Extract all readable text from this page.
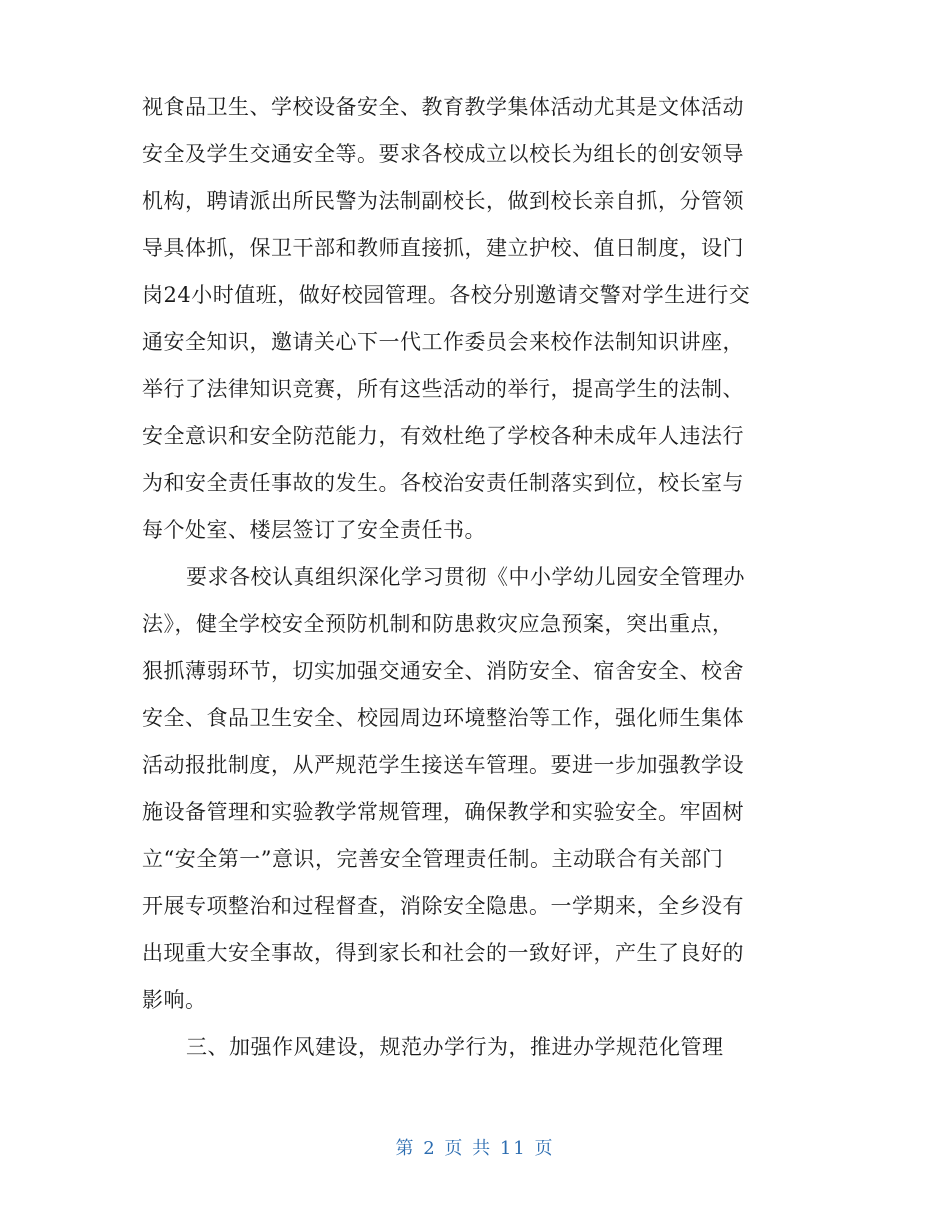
视食品卫生、学校设备安全、教育教学集体活动尤其是文体活动
安全及学生交通安全等。要求各校成立以校长为组长的创安领导
机构，聘请派出所民警为法制副校长，做到校长亲自抓，分管领
导具体抓，保卫干部和教师直接抓，建立护校、值日制度，设门
岗24小时值班，做好校园管理。各校分别邀请交警对学生进行交
通安全知识，邀请关心下一代工作委员会来校作法制知识讲座，
举行了法律知识竞赛，所有这些活动的举行，提高学生的法制、
安全意识和安全防范能力，有效杜绝了学校各种未成年人违法行
为和安全责任事故的发生。各校治安责任制落实到位，校长室与
每个处室、楼层签订了安全责任书。
要求各校认真组织深化学习贯彻《中小学幼儿园安全管理办
法》，健全学校安全预防机制和防患救灾应急预案，突出重点，
狠抓薄弱环节，切实加强交通安全、消防安全、宿舍安全、校舍
安全、食品卫生安全、校园周边环境整治等工作，强化师生集体
活动报批制度，从严规范学生接送车管理。要进一步加强教学设
施设备管理和实验教学常规管理，确保教学和实验安全。牢固树
立“安全第一”意识，完善安全管理责任制。主动联合有关部门
开展专项整治和过程督查，消除安全隐患。一学期来，全乡没有
出现重大安全事故，得到家长和社会的一致好评，产生了良好的
影响。
三、加强作风建设，规范办学行为，推进办学规范化管理
第 2 页 共 11 页
